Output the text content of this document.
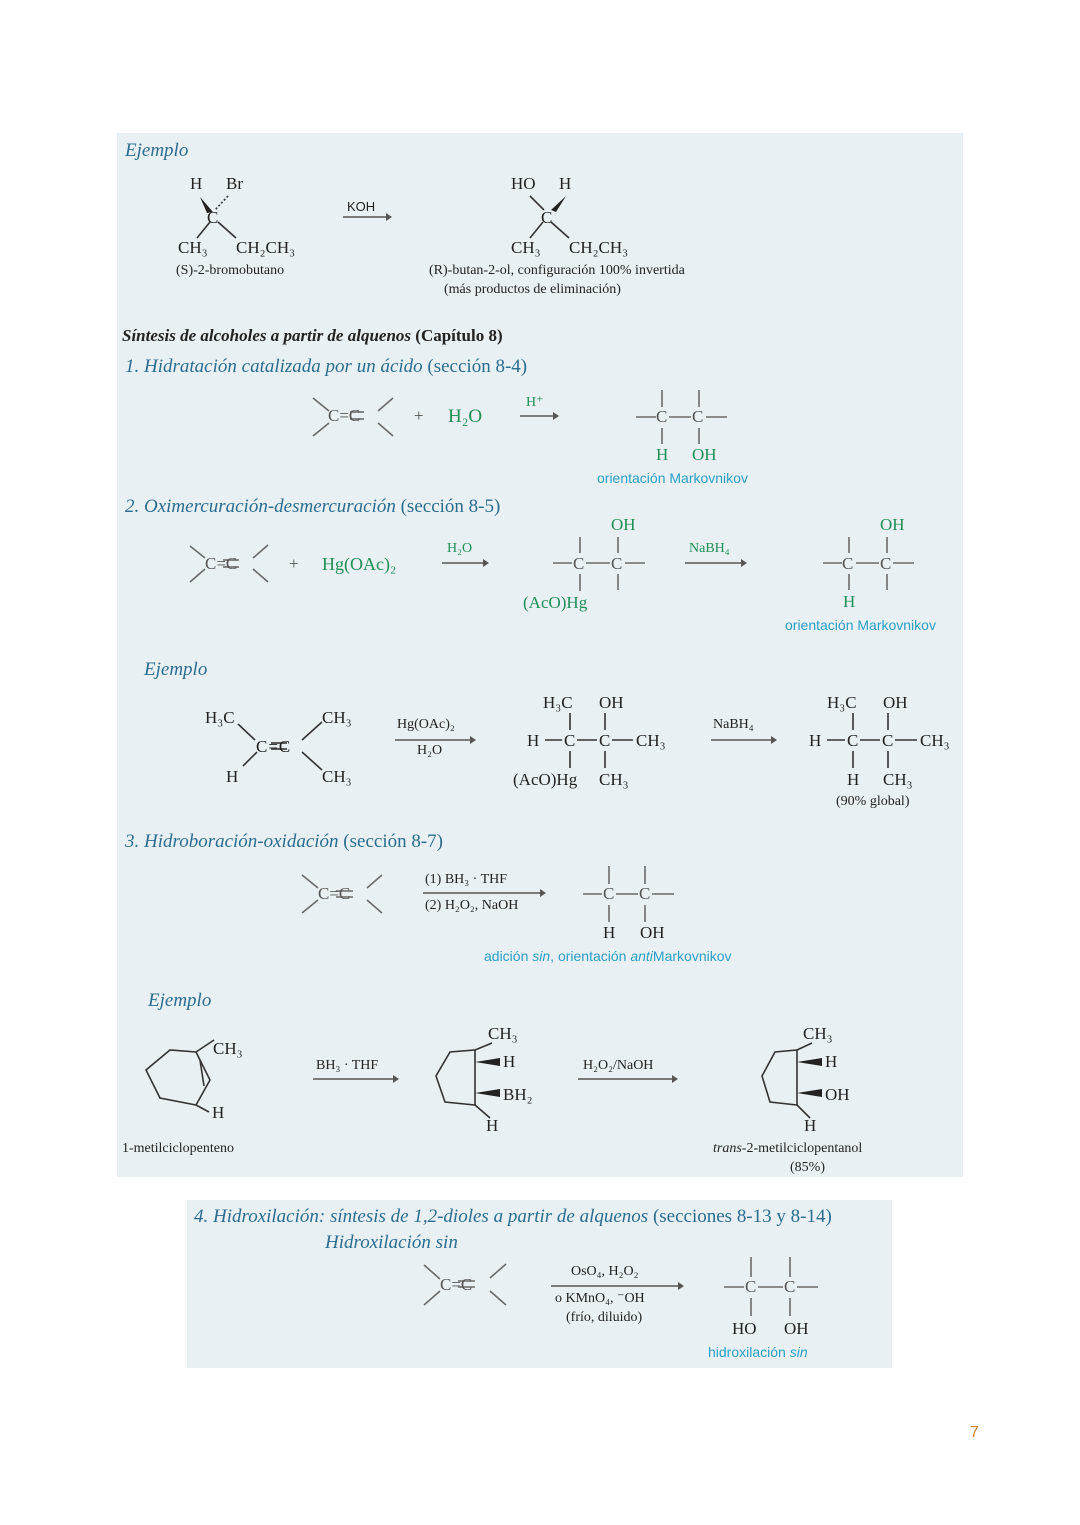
Ejemplo
H Br
C
CH₃ CH₂CH₃
(S)-2-bromobutano
KOH
HO H
C
CH₃ CH₂CH₃
(R)-butan-2-ol, configuración 100% invertida
(más productos de eliminación)
Síntesis de alcoholes a partir de alquenos (Capítulo 8)
1. Hidratación catalizada por un ácido (sección 8-4)
C=C	+ H₂O
H⁺
C C
H OH
orientación Markovnikov
2. Oximercuración-desmercuración (sección 8-5)
C=C	+ Hg(OAc)₂
H₂O
OH
C C
(AcO)Hg
NaBH₄
OH
C C
H
orientación Markovnikov
Ejemplo
H₃C	CH₃
C=C
H	CH₃
Hg(OAc)₂
H₂O
H₃C OH
H C C CH₃
(AcO)Hg CH₃
NaBH₄
H₃C OH
H C C CH₃
H CH₃
(90% global)
3. Hidroboración-oxidación (sección 8-7)
C=C
(1) BH₃ · THF
(2) H₂O₂, NaOH
C C
H OH
adición sin, orientación antiMarkovnikov
Ejemplo
CH₃
H
1-metilciclopenteno
BH₃ · THF
CH₃
H
BH₂
H
H₂O₂/NaOH
CH₃
H
OH
H
trans-2-metilciclopentanol
(85%)
4. Hidroxilación: síntesis de 1,2-dioles a partir de alquenos (secciones 8-13 y 8-14)
Hidroxilación sin
C=C
OsO₄, H₂O₂
o KMnO₄, ⁻OH
(frío, diluido)
C C
HO OH
hidroxilación sin
7
